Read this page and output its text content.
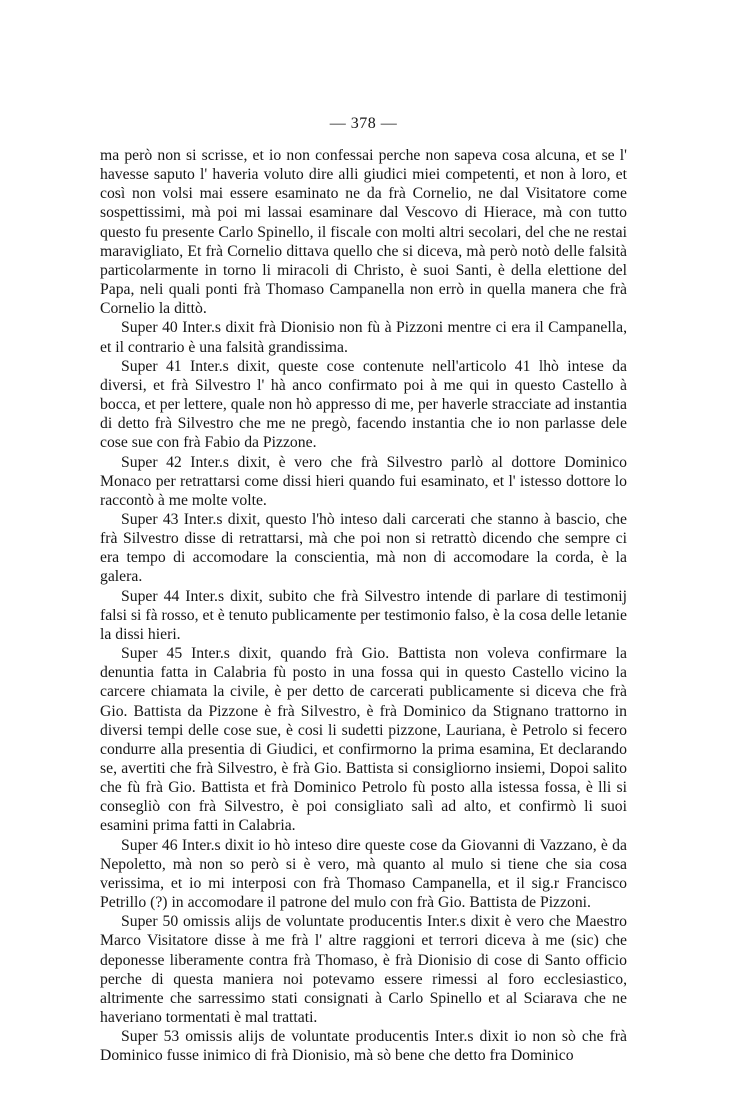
— 378 —

ma però non si scrisse, et io non confessai perche non sapeva cosa alcuna, et se l' havesse saputo l' haveria voluto dire alli giudici miei competenti, et non à loro, et così non volsi mai essere esaminato ne da frà Cornelio, ne dal Visitatore come sospettissimi, mà poi mi lassai esaminare dal Vescovo di Hierace, mà con tutto questo fu presente Carlo Spinello, il fiscale con molti altri secolari, del che ne restai maravigliato, Et frà Cornelio dittava quello che si diceva, mà però notò delle falsità particolarmente in torno li miracoli di Christo, è suoi Santi, è della elettione del Papa, neli quali ponti frà Thomaso Campanella non errò in quella manera che frà Cornelio la dittò.

Super 40 Inter.s dixit frà Dionisio non fù à Pizzoni mentre ci era il Campanella, et il contrario è una falsità grandissima.

Super 41 Inter.s dixit, queste cose contenute nell'articolo 41 lhò intese da diversi, et frà Silvestro l' hà anco confirmato poi à me qui in questo Castello à bocca, et per lettere, quale non hò appresso di me, per haverle stracciate ad instantia di detto frà Silvestro che me ne pregò, facendo instantia che io non parlasse dele cose sue con frà Fabio da Pizzone.

Super 42 Inter.s dixit, è vero che frà Silvestro parlò al dottore Dominico Monaco per retrattarsi come dissi hieri quando fui esaminato, et l' istesso dottore lo raccontò à me molte volte.

Super 43 Inter.s dixit, questo l'hò inteso dali carcerati che stanno à bascio, che frà Silvestro disse di retrattarsi, mà che poi non si retrattò dicendo che sempre ci era tempo di accomodare la conscientia, mà non di accomodare la corda, è la galera.

Super 44 Inter.s dixit, subito che frà Silvestro intende di parlare di testimonij falsi si fà rosso, et è tenuto publicamente per testimonio falso, è la cosa delle letanie la dissi hieri.

Super 45 Inter.s dixit, quando frà Gio. Battista non voleva confirmare la denuntia fatta in Calabria fù posto in una fossa qui in questo Castello vicino la carcere chiamata la civile, è per detto de carcerati publicamente si diceva che frà Gio. Battista da Pizzone è frà Silvestro, è frà Dominico da Stignano trattorno in diversi tempi delle cose sue, è cosi li sudetti pizzone, Lauriana, è Petrolo si fecero condurre alla presentia di Giudici, et confirmorno la prima esamina, Et declarando se, avertiti che frà Silvestro, è frà Gio. Battista si consigliorno insiemi, Dopoi salito che fù frà Gio. Battista et frà Dominico Petrolo fù posto alla istessa fossa, è lli si consegliò con frà Silvestro, è poi consigliato salì ad alto, et confirmò li suoi esamini prima fatti in Calabria.

Super 46 Inter.s dixit io hò inteso dire queste cose da Giovanni di Vazzano, è da Nepoletto, mà non so però si è vero, mà quanto al mulo si tiene che sia cosa verissima, et io mi interposi con frà Thomaso Campanella, et il sig.r Francisco Petrillo (?) in accomodare il patrone del mulo con frà Gio. Battista de Pizzoni.

Super 50 omissis alijs de voluntate producentis Inter.s dixit è vero che Maestro Marco Visitatore disse à me frà l' altre raggioni et terrori diceva à me (sic) che deponesse liberamente contra frà Thomaso, è frà Dionisio di cose di Santo officio perche di questa maniera noi potevamo essere rimessi al foro ecclesiastico, altrimente che sarressimo stati consignati à Carlo Spinello et al Sciarava che ne haveriano tormentati è mal trattati.

Super 53 omissis alijs de voluntate producentis Inter.s dixit io non sò che frà Dominico fusse inimico di frà Dionisio, mà sò bene che detto fra Dominico
